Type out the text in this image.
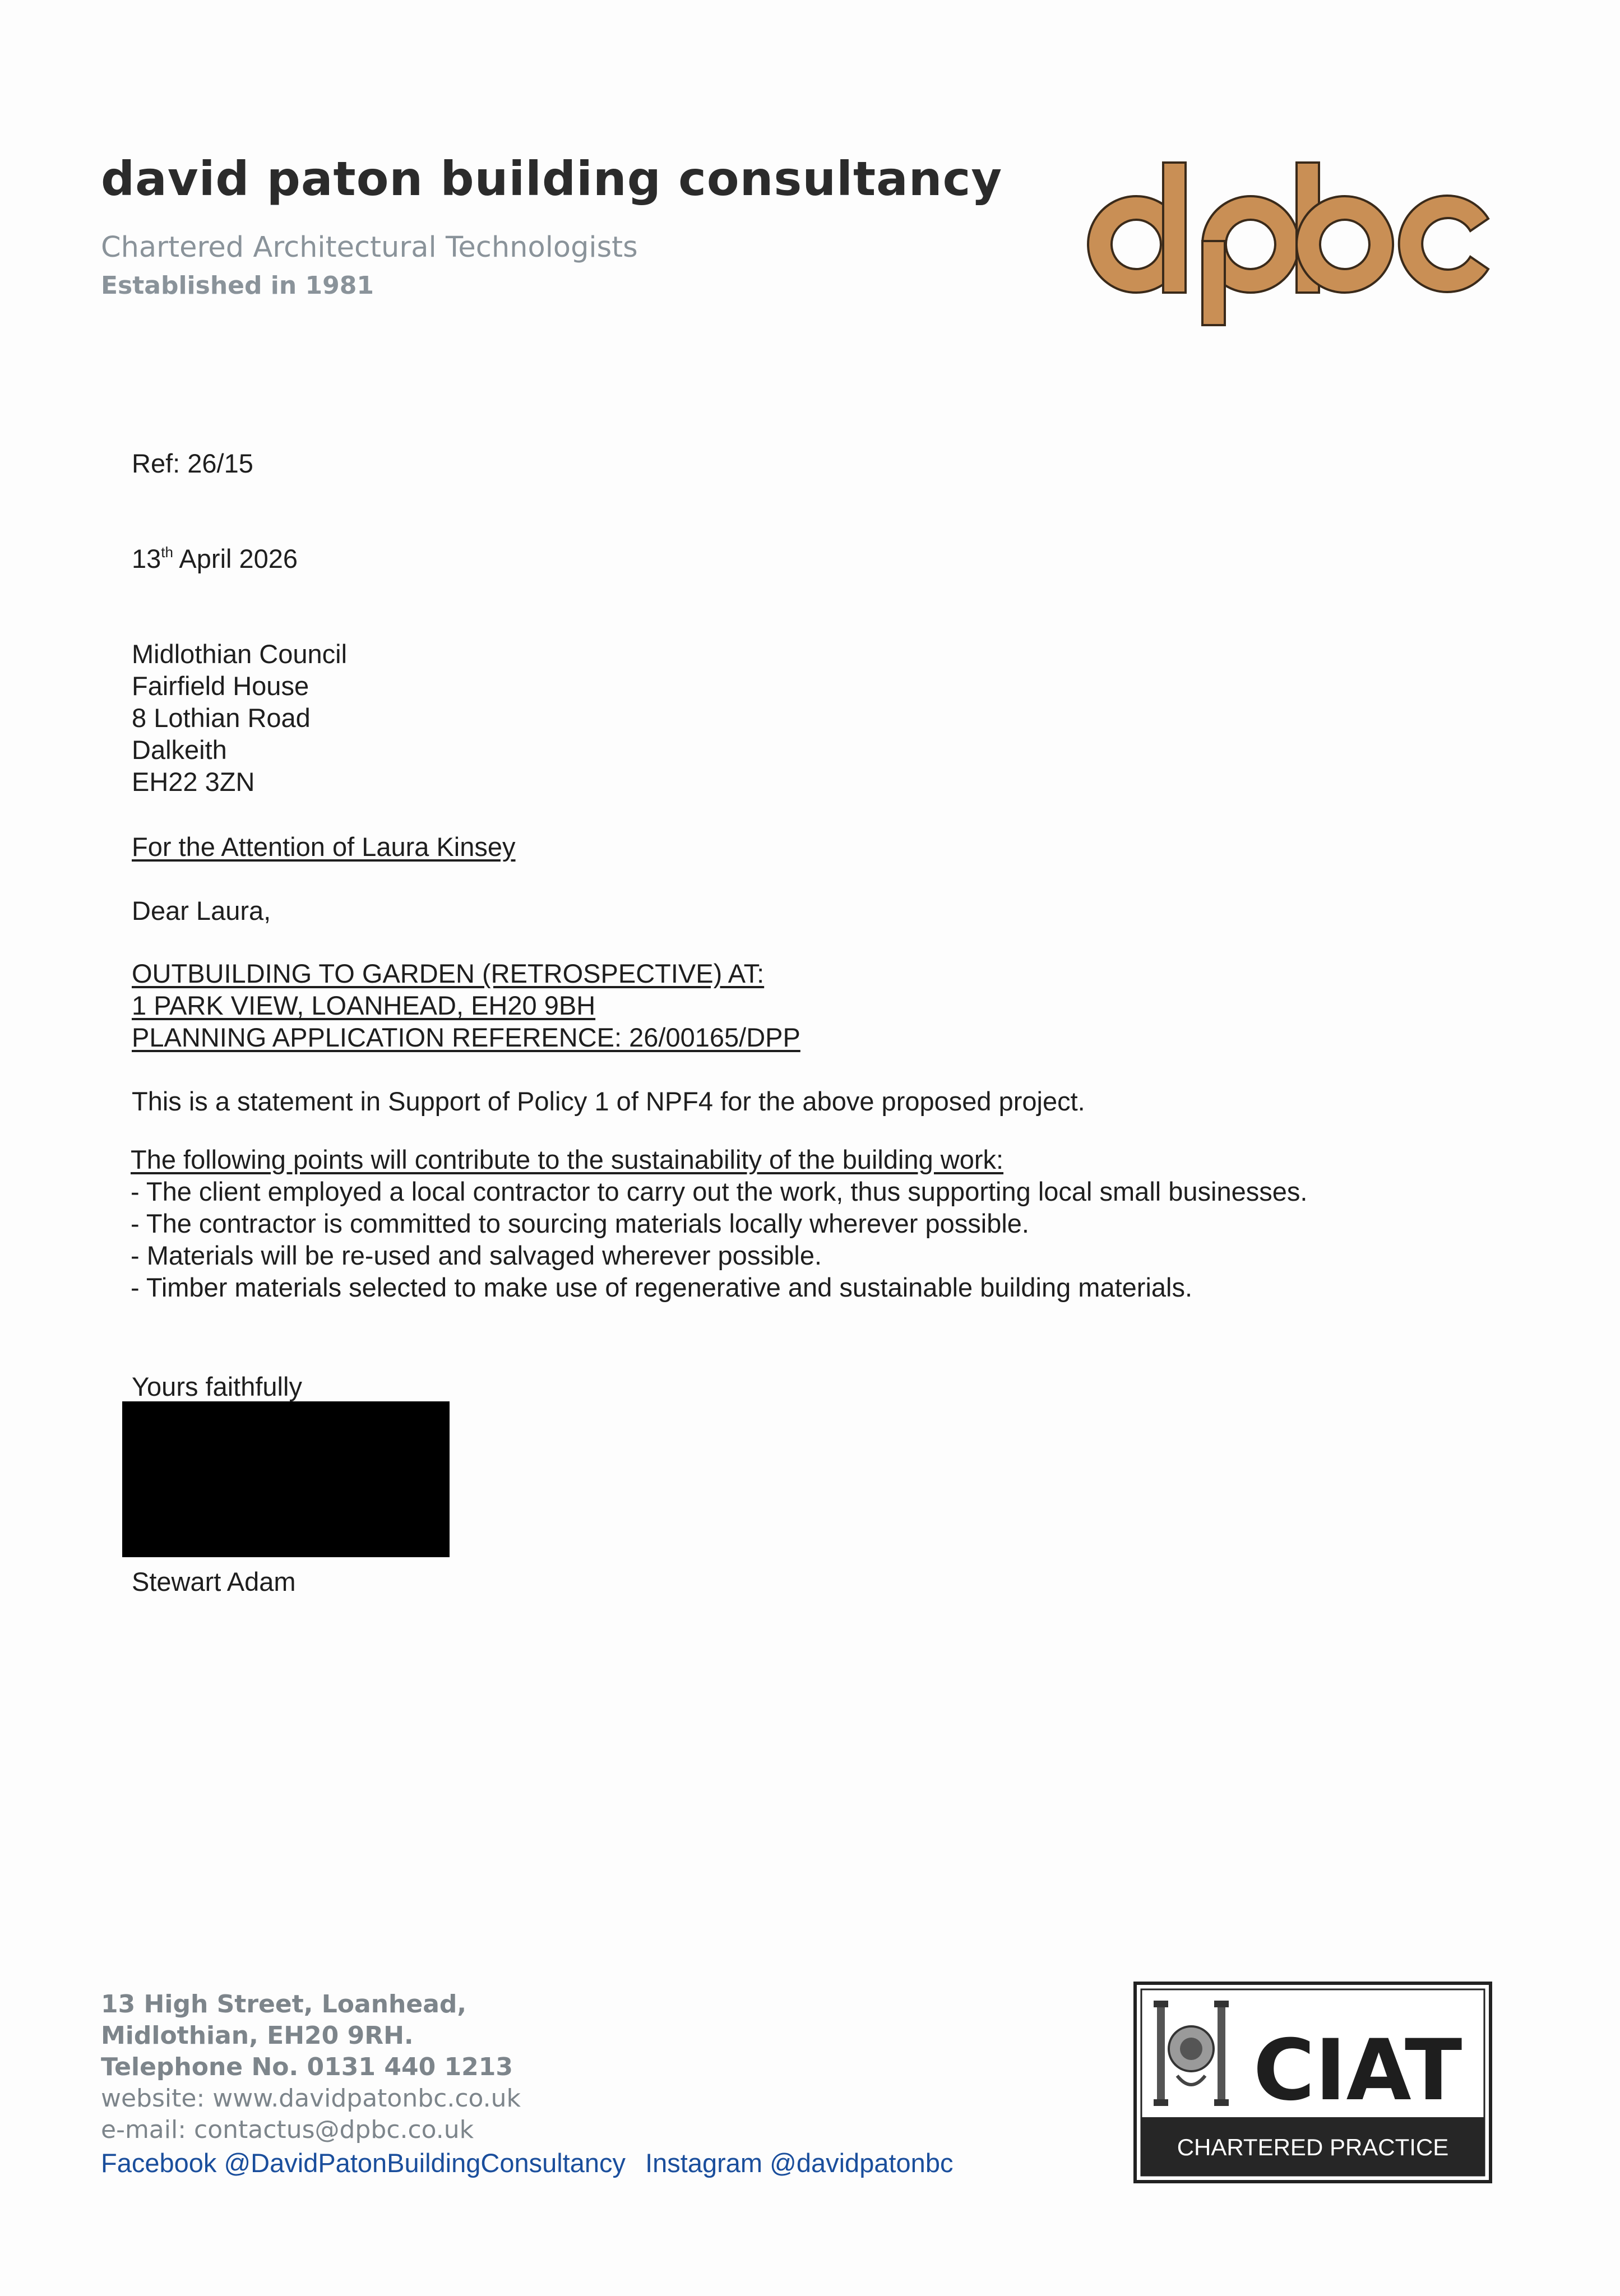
david paton building consultancy
Chartered Architectural Technologists
Established in 1981
dpbc
Ref: 26/15
13th April 2026
Midlothian Council
Fairfield House
8 Lothian Road
Dalkeith
EH22 3ZN
For the Attention of Laura Kinsey
Dear Laura,
OUTBUILDING TO GARDEN (RETROSPECTIVE) AT:
1 PARK VIEW, LOANHEAD, EH20 9BH
PLANNING APPLICATION REFERENCE: 26/00165/DPP
This is a statement in Support of Policy 1 of NPF4 for the above proposed project.
The following points will contribute to the sustainability of the building work:
- The client employed a local contractor to carry out the work, thus supporting local small businesses.
- The contractor is committed to sourcing materials locally wherever possible.
- Materials will be re-used and salvaged wherever possible.
- Timber materials selected to make use of regenerative and sustainable building materials.
Yours faithfully
Stewart Adam
13 High Street, Loanhead,
Midlothian, EH20 9RH.
Telephone No. 0131 440 1213
website: www.davidpatonbc.co.uk
e-mail: contactus@dpbc.co.uk
Facebook @DavidPatonBuildingConsultancy Instagram @davidpatonbc
CIAT
CHARTERED PRACTICE
